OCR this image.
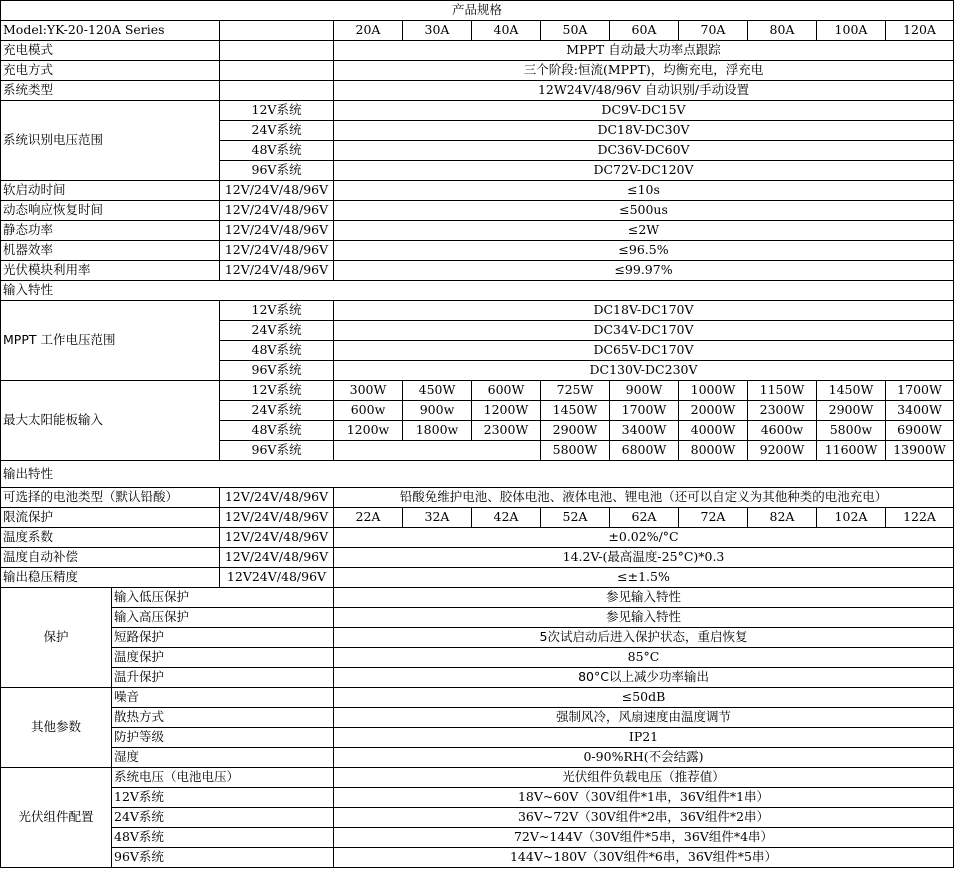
产品规格											
Model:YK-20-120A Series			20A	30A	40A	50A	60A	70A	80A	100A	120A
充电模式			MPPT 自动最大功率点跟踪								
充电方式			三个阶段:恒流(MPPT)，均衡充电，浮充电								
系统类型			12W24V/48/96V 自动识别/手动设置								
系统识别电压范围		12V系统	DC9V-DC15V								
		24V系统	DC18V-DC30V								
		48V系统	DC36V-DC60V								
		96V系统	DC72V-DC120V								
软启动时间		12V/24V/48/96V	≤10s								
动态响应恢复时间		12V/24V/48/96V	≤500us								
静态功率		12V/24V/48/96V	≤2W								
机器效率		12V/24V/48/96V	≤96.5%								
光伏模块利用率		12V/24V/48/96V	≤99.97%								
输入特性											
MPPT 工作电压范围		12V系统	DC18V-DC170V								
		24V系统	DC34V-DC170V								
		48V系统	DC65V-DC170V								
		96V系统	DC130V-DC230V								
最大太阳能板输入		12V系统	300W	450W	600W	725W	900W	1000W	1150W	1450W	1700W
		24V系统	600w	900w	1200W	1450W	1700W	2000W	2300W	2900W	3400W
		48V系统	1200w	1800w	2300W	2900W	3400W	4000W	4600w	5800w	6900W
		96V系统				5800W	6800W	8000W	9200W	11600W	13900W
输出特性											
可选择的电池类型（默认铅酸）		12V/24V/48/96V	铅酸免维护电池、胶体电池、液体电池、锂电池（还可以自定义为其他种类的电池充电）								
限流保护		12V/24V/48/96V	22A	32A	42A	52A	62A	72A	82A	102A	122A
温度系数		12V/24V/48/96V	±0.02%/°C								
温度自动补偿		12V/24V/48/96V	14.2V-(最高温度-25°C)*0.3								
输出稳压精度		12V24V/48/96V	≤±1.5%								
保护	输入低压保护		参见输入特性								
	输入高压保护		参见输入特性								
	短路保护		5次试启动后进入保护状态，重启恢复								
	温度保护		85°C								
	温升保护		80°C以上减少功率输出								
其他参数	噪音		≤50dB								
	散热方式		强制风冷，风扇速度由温度调节								
	防护等级		IP21								
	湿度		0-90%RH(不会结露)								
光伏组件配置	系统电压（电池电压）		光伏组件负载电压（推荐值）								
	12V系统		18V~60V（30V组件*1串，36V组件*1串）								
	24V系统		36V~72V（30V组件*2串，36V组件*2串）								
	48V系统		72V~144V（30V组件*5串，36V组件*4串）								
	96V系统		144V~180V（30V组件*6串，36V组件*5串）								
